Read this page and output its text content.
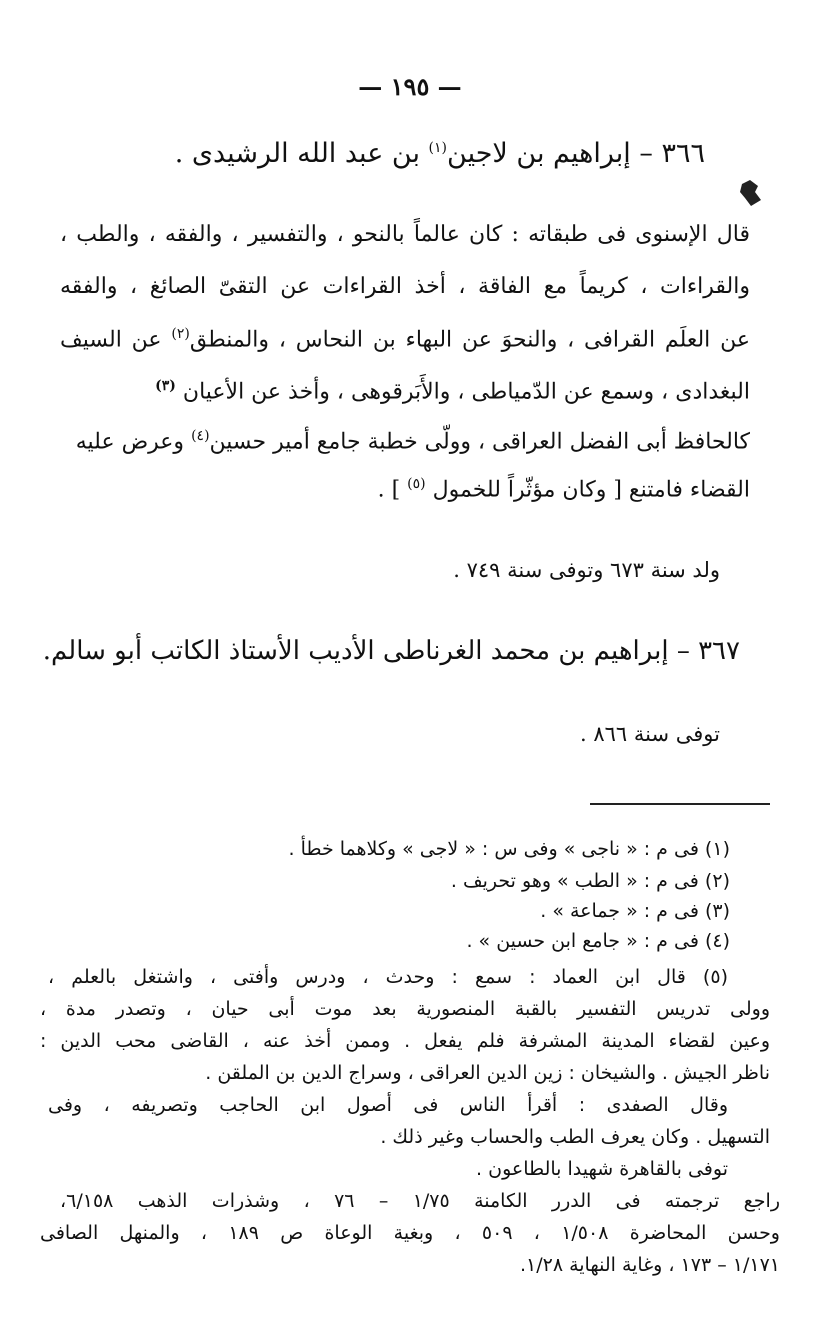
— ١٩٥ —
٣٦٦ – إبراهيم بن لاجين$^{(١)}$ بن عبد الله الرشيدى .
قال الإسنوى فى طبقاته : كان عالماً بالنحو ، والتفسير ، والفقه ، والطب ،
والقراءات ، كريماً مع الفاقة ، أخذ القراءات عن التقىّ الصائغ ، والفقه
عن العلَم القرافى ، والنحوَ عن البهاء بن النحاس ، والمنطق$^{(٢)}$ عن السيف
البغدادى ، وسمع عن الدّمياطى ، والأَبَرقوهى ، وأخذ عن الأعيان $^{(٣)}$
كالحافظ أبى الفضل العراقى ، وولّى خطبة جامع أمير حسين$^{(٤)}$ وعرض عليه
القضاء فامتنع [ وكان مؤثّراً للخمول $^{(٥)}$ ] .
ولد سنة ٦٧٣ وتوفى سنة ٧٤٩ .
٣٦٧ – إبراهيم بن محمد الغرناطى الأديب الأستاذ الكاتب أبو سالم.
توفى سنة ٨٦٦ .
(١) فى م : « ناجى » وفى س : « لاجى » وكلاهما خطأ .
(٢) فى م : « الطب » وهو تحريف .
(٣) فى م : « جماعة » .
(٤) فى م : « جامع ابن حسين » .
(٥) قال ابن العماد : سمع : وحدث ، ودرس وأفتى ، واشتغل بالعلم ،
وولى تدريس التفسير بالقبة المنصورية بعد موت أبى حيان ، وتصدر مدة ،
وعين لقضاء المدينة المشرفة فلم يفعل . وممن أخذ عنه ، القاضى محب الدين :
ناظر الجيش . والشيخان : زين الدين العراقى ، وسراج الدين بن الملقن .
وقال الصفدى : أقرأ الناس فى أصول ابن الحاجب وتصريفه ، وفى
التسهيل . وكان يعرف الطب والحساب وغير ذلك .
توفى بالقاهرة شهيدا بالطاعون .
راجع ترجمته فى الدرر الكامنة ١/٧٥ – ٧٦ ، وشذرات الذهب ٦/١٥٨،
وحسن المحاضرة ١/٥٠٨ ، ٥٠٩ ، وبغية الوعاة ص ١٨٩ ، والمنهل الصافى
١/١٧١ – ١٧٣ ، وغاية النهاية ١/٢٨.
